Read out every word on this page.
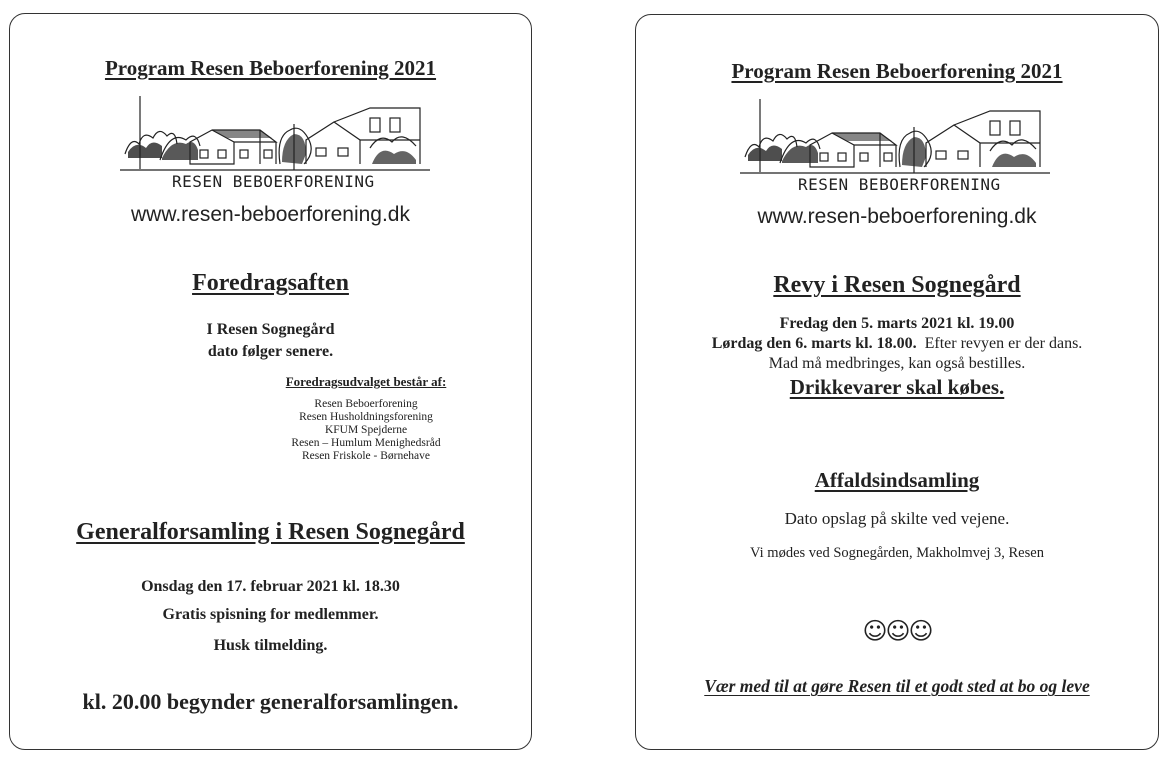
Program Resen Beboerforening 2021
RESEN BEBOERFORENING
www.resen-beboerforening.dk
Foredragsaften
I Resen Sognegård
dato følger senere.
Foredragsudvalget består af:
Resen Beboerforening
Resen Husholdningsforening
KFUM Spejderne
Resen – Humlum Menighedsråd
Resen Friskole - Børnehave
Generalforsamling i Resen Sognegård
Onsdag den 17. februar 2021 kl. 18.30
Gratis spisning for medlemmer.
Husk tilmelding.
kl. 20.00 begynder generalforsamlingen.
Program Resen Beboerforening 2021
RESEN BEBOERFORENING
www.resen-beboerforening.dk
Revy i Resen Sognegård
Fredag den 5. marts 2021 kl. 19.00
Lørdag den 6. marts kl. 18.00. Efter revyen er der dans.
Mad må medbringes, kan også bestilles.
Drikkevarer skal købes.
Affaldsindsamling
Dato opslag på skilte ved vejene.
Vi mødes ved Sognegården, Makholmvej 3, Resen
☺☺☺
Vær med til at gøre Resen til et godt sted at bo og leve
